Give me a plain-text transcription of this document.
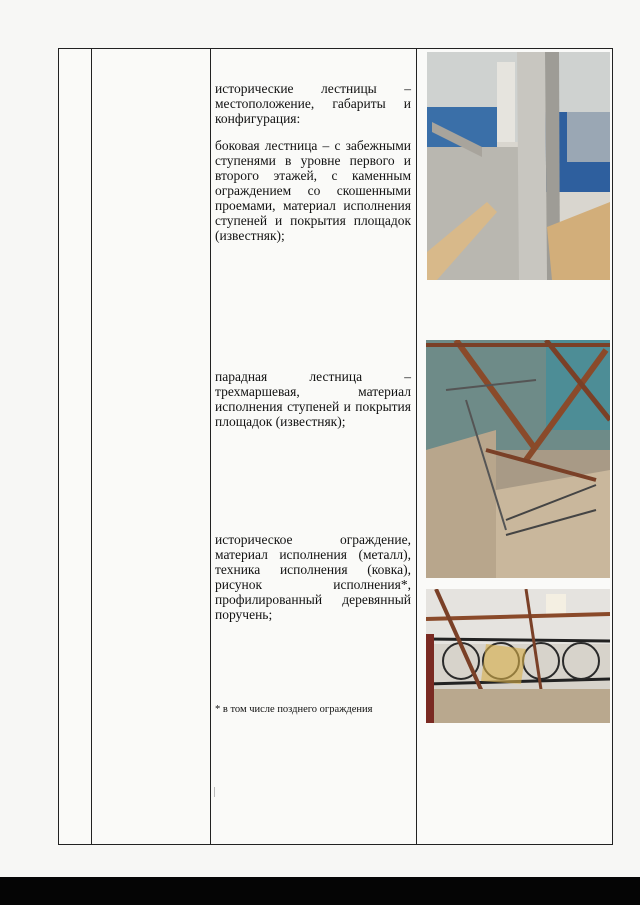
исторические лестницы – местоположение, габариты и конфигурация:
боковая лестница – с забежными ступенями в уровне первого и второго этажей, с каменным ограждением со скошенными проемами, материал исполнения ступеней и покрытия площадок (известняк);
парадная лестница – трехмаршевая, материал исполнения ступеней и покрытия площадок (известняк);
историческое ограждение, материал исполнения (металл), техника исполнения (ковка), рисунок исполнения*, профилированный деревянный поручень;
* в том числе позднего ограждения
